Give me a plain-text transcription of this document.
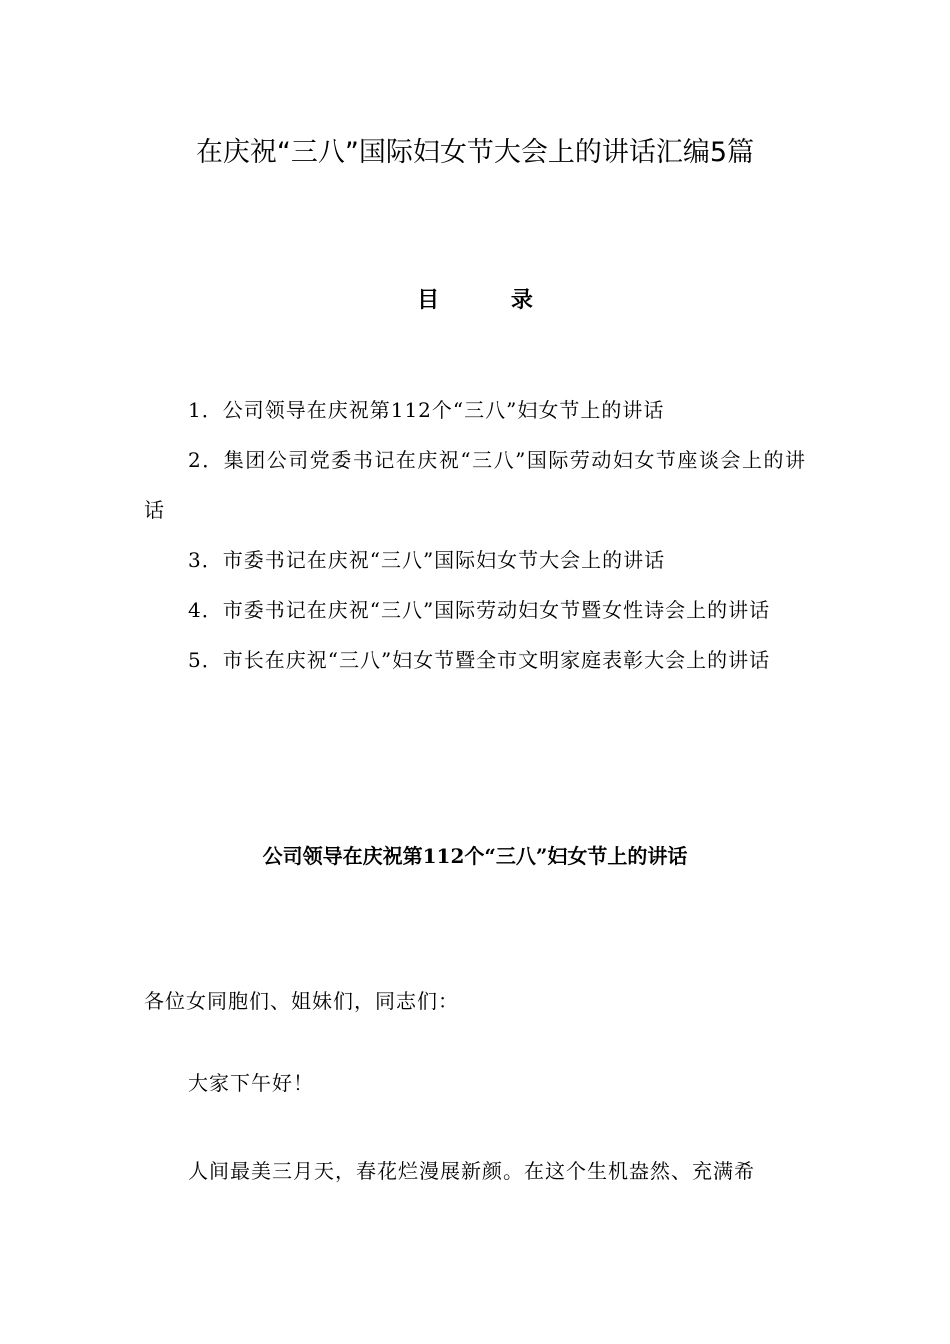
在庆祝“三八”国际妇女节大会上的讲话汇编5篇
目 录
1．公司领导在庆祝第112个“三八”妇女节上的讲话
2．集团公司党委书记在庆祝“三八”国际劳动妇女节座谈会上的讲话
3．市委书记在庆祝“三八”国际妇女节大会上的讲话
4．市委书记在庆祝“三八”国际劳动妇女节暨女性诗会上的讲话
5．市长在庆祝“三八”妇女节暨全市文明家庭表彰大会上的讲话
公司领导在庆祝第112个“三八”妇女节上的讲话

各位女同胞们、姐妹们，同志们：

大家下午好！

人间最美三月天，春花烂漫展新颜。在这个生机盎然、充满希
